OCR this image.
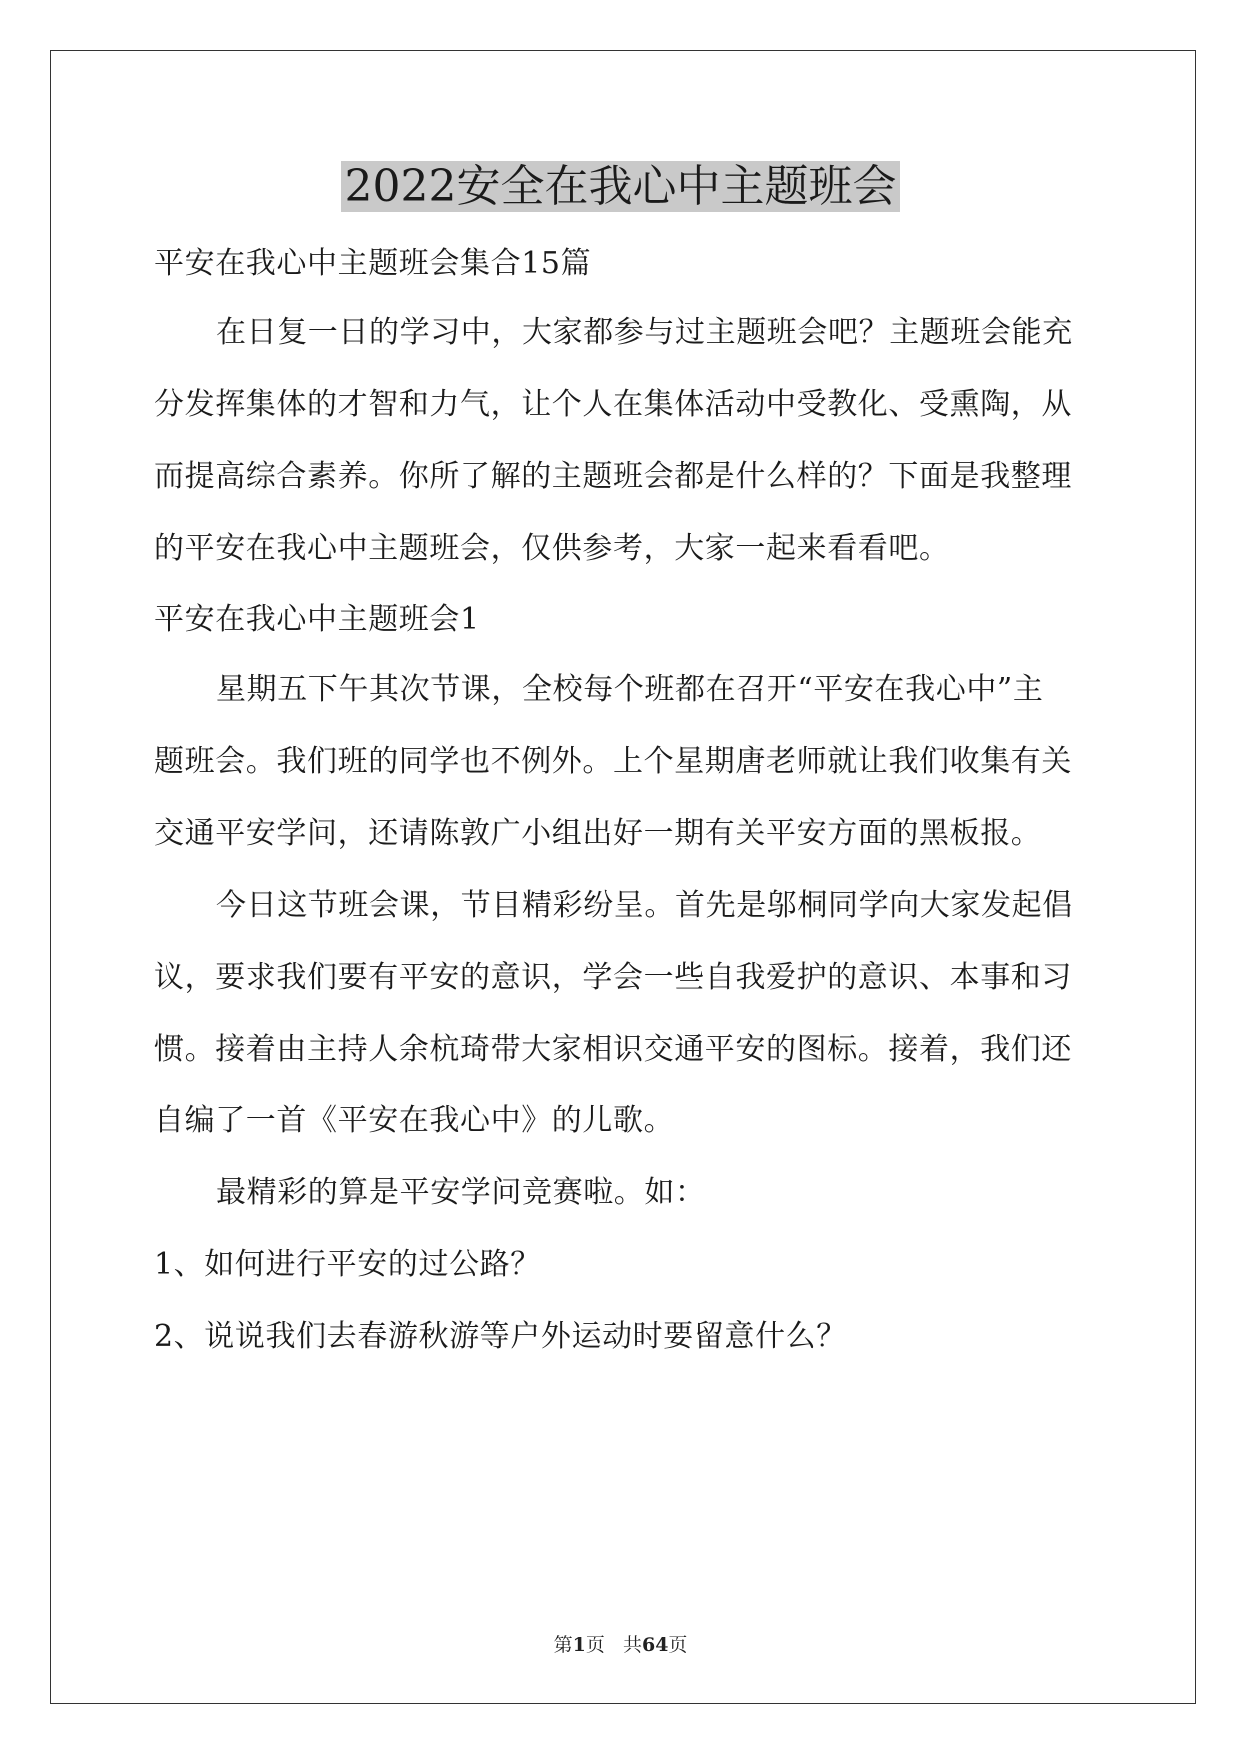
2022安全在我心中主题班会
平安在我心中主题班会集合15篇
在日复一日的学习中，大家都参与过主题班会吧？主题班会能充
分发挥集体的才智和力气，让个人在集体活动中受教化、受熏陶，从
而提高综合素养。你所了解的主题班会都是什么样的？下面是我整理
的平安在我心中主题班会，仅供参考，大家一起来看看吧。
平安在我心中主题班会1
星期五下午其次节课，全校每个班都在召开“平安在我心中”主
题班会。我们班的同学也不例外。上个星期唐老师就让我们收集有关
交通平安学问，还请陈敦广小组出好一期有关平安方面的黑板报。
今日这节班会课，节目精彩纷呈。首先是邬桐同学向大家发起倡
议，要求我们要有平安的意识，学会一些自我爱护的意识、本事和习
惯。接着由主持人余杭琦带大家相识交通平安的图标。接着，我们还
自编了一首《平安在我心中》的儿歌。
最精彩的算是平安学问竞赛啦。如：
1、如何进行平安的过公路？
2、说说我们去春游秋游等户外运动时要留意什么？
第1页 共64页
